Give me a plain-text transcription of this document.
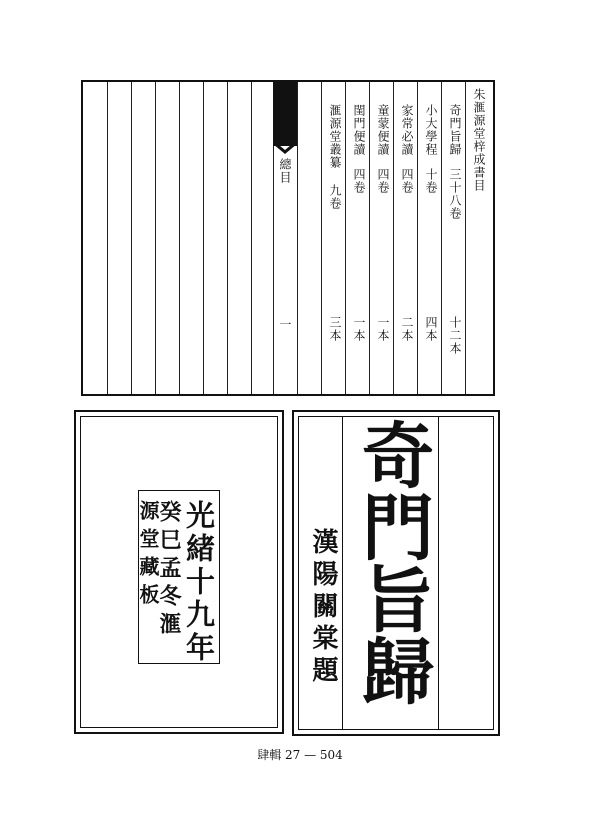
總目
一
朱滙源堂梓成書目
奇門旨歸
三十八卷
十二本
小大學程
十卷
四本
家常必讀
四卷
二本
童蒙便讀
四卷
一本
閨門便讀
四卷
一本
滙源堂叢纂
九卷
三本
光緒十九年
癸巳孟冬滙
源堂藏板	奇門旨歸
漢陽關棠題
肆輯 27 — 504
